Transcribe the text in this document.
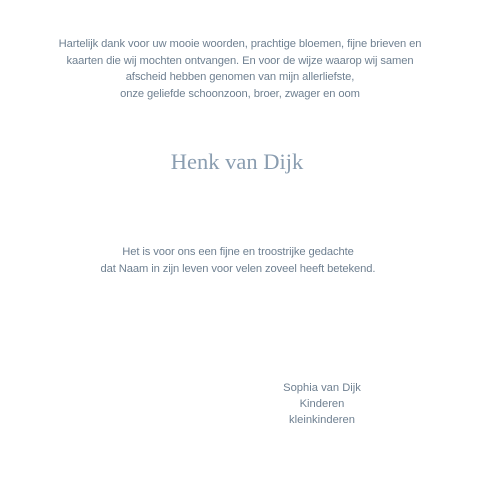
Hartelijk dank voor uw mooie woorden, prachtige bloemen, fijne brieven en
kaarten die wij mochten ontvangen. En voor de wijze waarop wij samen
afscheid hebben genomen van mijn allerliefste,
onze geliefde schoonzoon, broer, zwager en oom
Henk van Dijk
Het is voor ons een fijne en troostrijke gedachte
dat Naam in zijn leven voor velen zoveel heeft betekend.
Sophia van Dijk
Kinderen
kleinkinderen
